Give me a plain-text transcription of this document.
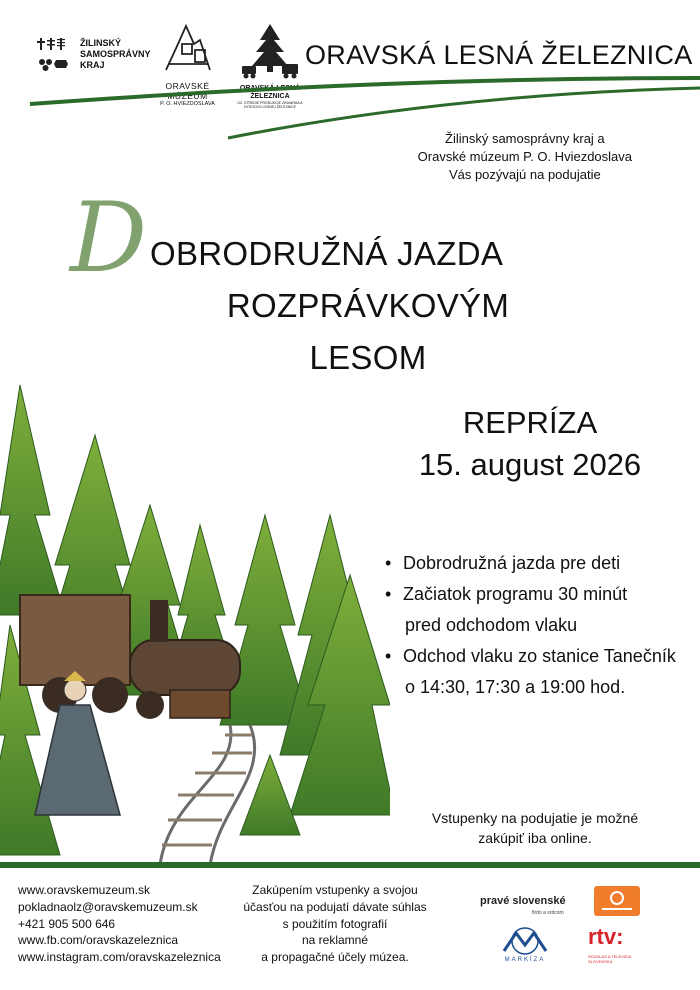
ŽILINSKÝ
SAMOSPRÁVNY
KRAJ
ORAVSKÉ
MÚZEUM
P. O. HVIEZDOSLAVA
ORAVSKÁ LESNÁ
ŽELEZNICA
ÚZ. STREDIE PRODUKCIE ZRANENIA A HYSOCKO LESNEJ ŽELEZNICE
ORAVSKÁ LESNÁ ŽELEZNICA
Žilinský samosprávny kraj a
Oravské múzeum P. O. Hviezdoslava
Vás pozývajú na podujatie
D OBRODRUŽNÁ JAZDA
ROZPRÁVKOVÝM
LESOM
REPRÍZA
15. august 2026
• Dobrodružná jazda pre deti
• Začiatok programu 30 minút
pred odchodom vlaku
• Odchod vlaku zo stanice Tanečník
o 14:30, 17:30 a 19:00 hod.
Vstupenky na podujatie je možné
zakúpiť iba online.
www.oravskemuzeum.sk
pokladnaolz@oravskemuzeum.sk
+421 905 500 646
www.fb.com/oravskazeleznica
www.instagram.com/oravskazeleznica
Zakúpením vstupenky a svojou
účasťou na podujatí dávate súhlas
s použitím fotografií
na reklamné
a propagačné účely múzea.
pravé slovenské
firdo a srdcom
MARKÍZA
rtv:
ROZHLAS A TELEVÍZIA SLOVENSKA
